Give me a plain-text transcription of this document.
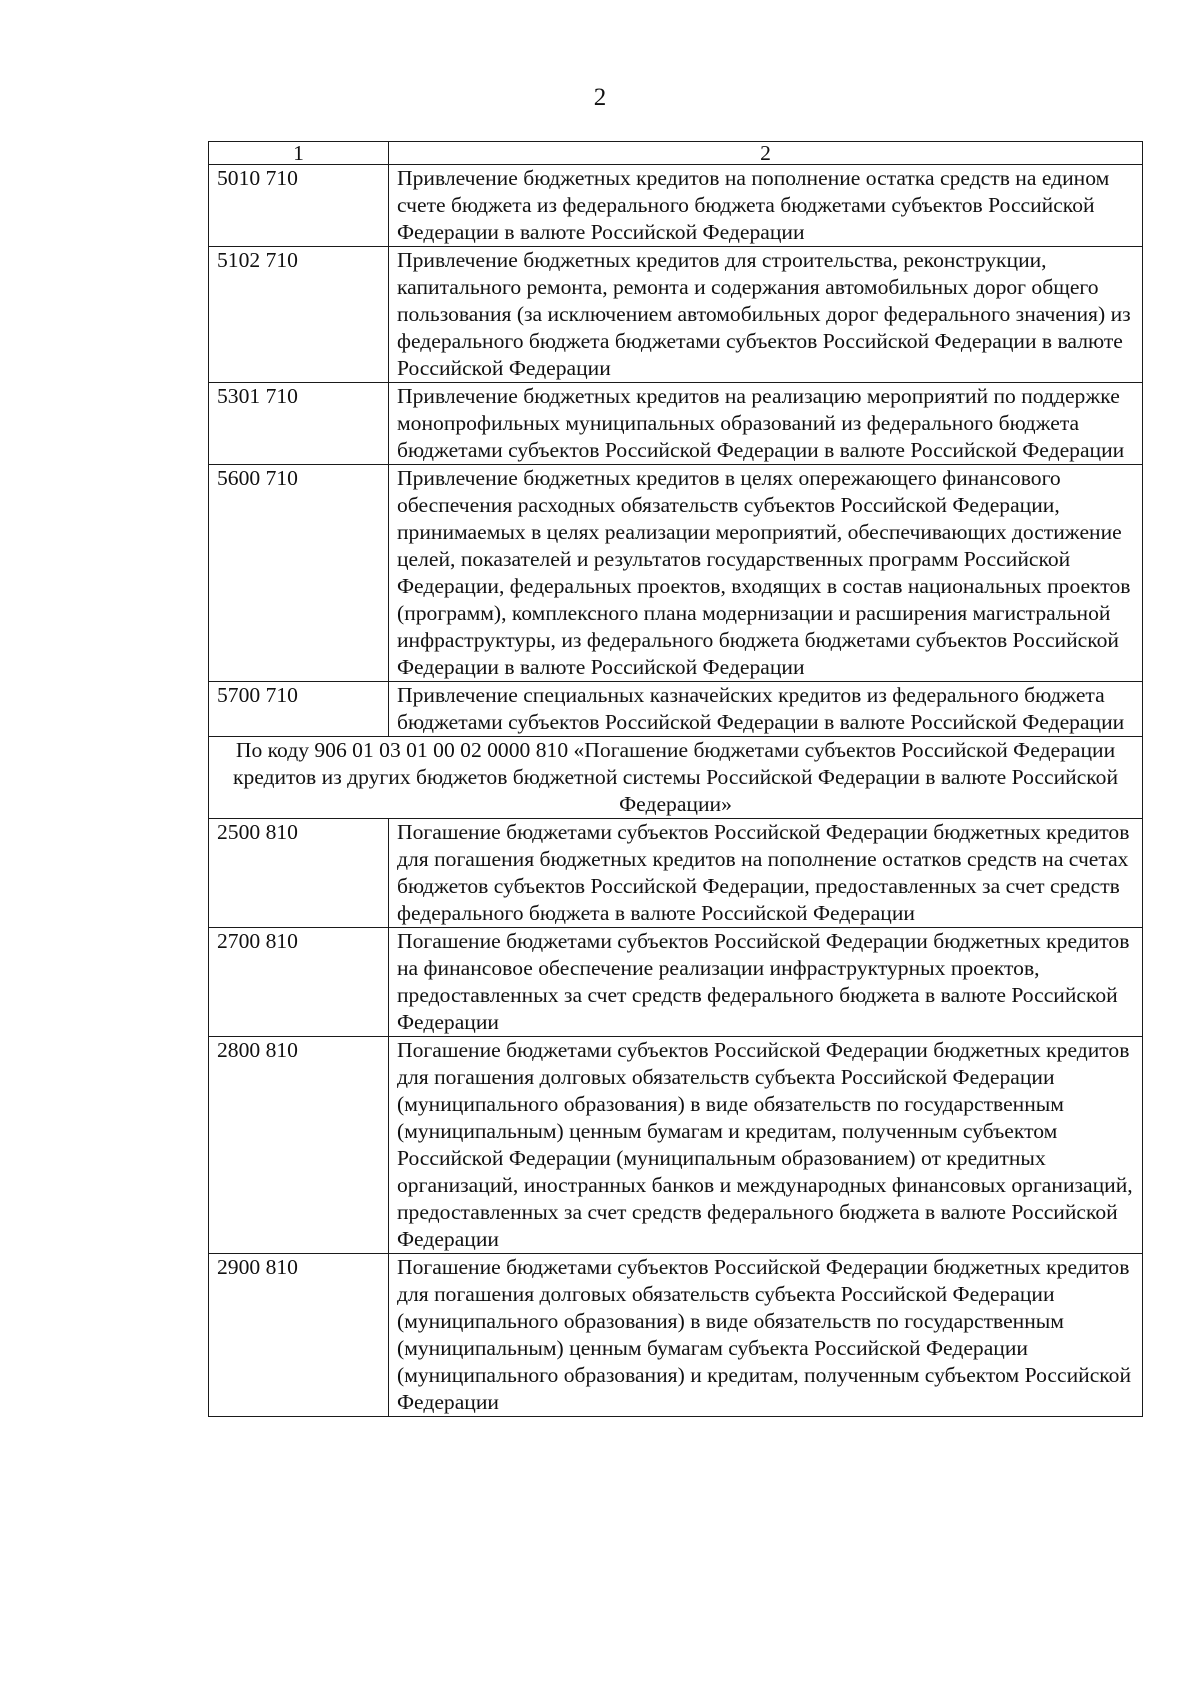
2
1	2
5010 710	Привлечение бюджетных кредитов на пополнение остатка средств на едином счете бюджета из федерального бюджета бюджетами субъектов Российской Федерации в валюте Российской Федерации
5102 710	Привлечение бюджетных кредитов для строительства, реконструкции, капитального ремонта, ремонта и содержания автомобильных дорог общего пользования (за исключением автомобильных дорог федерального значения) из федерального бюджета бюджетами субъектов Российской Федерации в валюте Российской Федерации
5301 710	Привлечение бюджетных кредитов на реализацию мероприятий по поддержке монопрофильных муниципальных образований из федерального бюджета бюджетами субъектов Российской Федерации в валюте Российской Федерации
5600 710	Привлечение бюджетных кредитов в целях опережающего финансового обеспечения расходных обязательств субъектов Российской Федерации, принимаемых в целях реализации мероприятий, обеспечивающих достижение целей, показателей и результатов государственных программ Российской Федерации, федеральных проектов, входящих в состав национальных проектов (программ), комплексного плана модернизации и расширения магистральной инфраструктуры, из федерального бюджета бюджетами субъектов Российской Федерации в валюте Российской Федерации
5700 710	Привлечение специальных казначейских кредитов из федерального бюджета бюджетами субъектов Российской Федерации в валюте Российской Федерации
По коду 906 01 03 01 00 02 0000 810 «Погашение бюджетами субъектов Российской Федерации кредитов из других бюджетов бюджетной системы Российской Федерации в валюте Российской Федерации»	
2500 810	Погашение бюджетами субъектов Российской Федерации бюджетных кредитов для погашения бюджетных кредитов на пополнение остатков средств на счетах бюджетов субъектов Российской Федерации, предоставленных за счет средств федерального бюджета в валюте Российской Федерации
2700 810	Погашение бюджетами субъектов Российской Федерации бюджетных кредитов на финансовое обеспечение реализации инфраструктурных проектов, предоставленных за счет средств федерального бюджета в валюте Российской Федерации
2800 810	Погашение бюджетами субъектов Российской Федерации бюджетных кредитов для погашения долговых обязательств субъекта Российской Федерации (муниципального образования) в виде обязательств по государственным (муниципальным) ценным бумагам и кредитам, полученным субъектом Российской Федерации (муниципальным образованием) от кредитных организаций, иностранных банков и международных финансовых организаций, предоставленных за счет средств федерального бюджета в валюте Российской Федерации
2900 810	Погашение бюджетами субъектов Российской Федерации бюджетных кредитов для погашения долговых обязательств субъекта Российской Федерации (муниципального образования) в виде обязательств по государственным (муниципальным) ценным бумагам субъекта Российской Федерации (муниципального образования) и кредитам, полученным субъектом Российской Федерации
